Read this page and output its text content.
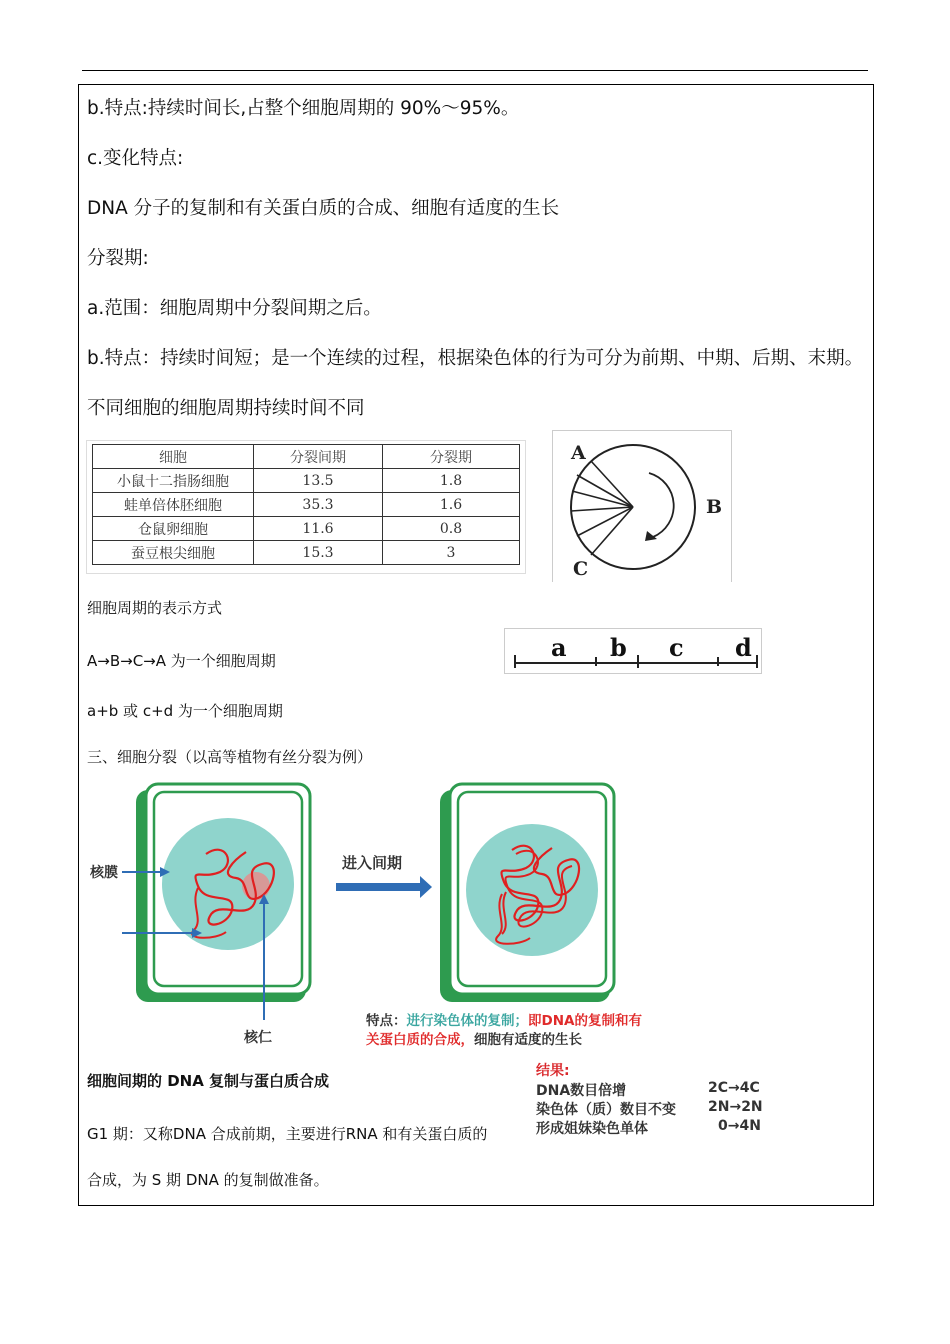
b.特点:持续时间长,占整个细胞周期的 90%～95%。
c.变化特点:
DNA 分子的复制和有关蛋白质的合成、细胞有适度的生长
分裂期:
a.范围：细胞周期中分裂间期之后。
b.特点：持续时间短；是一个连续的过程，根据染色体的行为可分为前期、中期、后期、末期。
不同细胞的细胞周期持续时间不同
细胞	分裂间期	分裂期
小鼠十二指肠细胞	13.5	1.8
蛙单倍体胚细胞	35.3	1.6
仓鼠卵细胞	11.6	0.8
蚕豆根尖细胞	15.3	3
A
B
C
细胞周期的表示方式
A→B→C→A 为一个细胞周期	a b c d
a+b 或 c+d 为一个细胞周期
三、细胞分裂（以高等植物有丝分裂为例）
核膜
核仁
进入间期
特点：进行染色体的复制；即DNA的复制和有
关蛋白质的合成，细胞有适度的生长
细胞间期的 DNA 复制与蛋白质合成
结果:
DNA数目倍增	2C→4C
染色体（质）数目不变 2N→2N
形成姐妹染色单体	0→4N
G1 期：又称DNA 合成前期，主要进行RNA 和有关蛋白质的
合成，为 S 期 DNA 的复制做准备。
